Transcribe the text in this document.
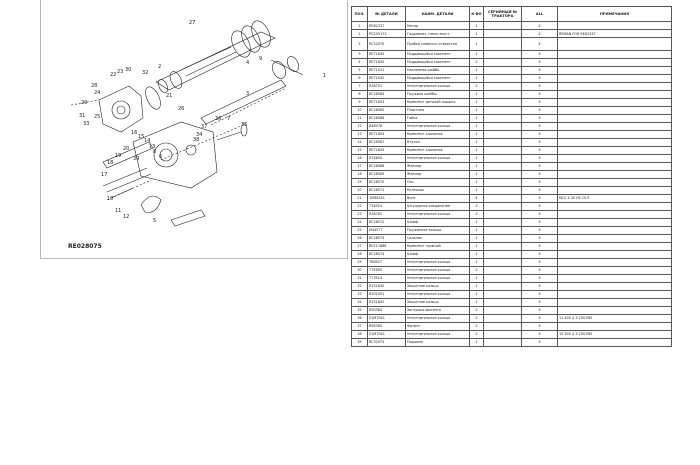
27
1
28
24
29
31
33
25
22 23 30 32
2
26
21
4
9
3
7
35
36
37
34
38
16
15
14
13
8
6
17
18
19
20
39
10
11
12
5
RE028075
ПОЗ.	№ ДЕТАЛИ	НАИМ. ДЕТАЛИ	К-ВО	СЕРИЙНЫЙ № ТРАКТОРА	ALL	ПРИМЕЧАНИЯ
1	RE62337	Мотор	1		X	
1	PG205172	Гидравлич. насос восст.	1		X	REMAN FOR RE62337
2	RC32570	Пробка сливного отверстия	1		X	
3	RE71645	Поддающийся комплект	1		X	
4	RE71620	Поддающийся комплект	2		X	
5	RE71031	Наклонная шайба	1		X	
6	RE71032	Поддающийся комплект	1		X	
7	R38751	Уплотнительное кольцо	2		X	
8	RC26584	Пружина шайбы	1		X	
9	RE71653	Комплект деталей поршня	1		X	
10	RC26565	Пластина	1		X	
11	RC26566	Гайка	1		X	
12	R46078	Уплотнительное кольцо	1		X	
13	RE71654	Комплект клапанов	1		X	
14	RC26567	Втулка	1		X	
15	RE71655	Комплект клапанов	1		X	
16	R74600	Уплотнительное кольцо	1		X	
17	RC26568	Жиклер	1		X	
18	RC26569	Жиклер	1		X	
19	RC26570	Ось	1		X	
20	RC26571	Колпачок	1		X	
21	19M8341	Винт	4		X	M12 X 45 HS 10.9
22	T34924	Штуцерное соединение	3		X	
23	R38782	Уплотнительное кольцо	3		X	
24	RC26572	Шлиф.	1		X	
25	M44577	Пружинное кольцо	1		X	
26	RC26573	Сальник	1		X	
27	RE211888	Комплект горючей	1		X	
28	RC26574	Шлиф.	1		X	
29	T80837	Уплотнительное кольцо	1		X	
30	T79385	Уплотнительное кольцо	2		X	
31	T77814	Уплотнительное кольцо	1		X	
32	R151840	Защитное кольцо	1		X	
33	R502491	Уплотнительное кольцо	1		X	
34	R151842	Защитное кольцо	1		X	
35	R90384	Заглушка фитинга	2		X	
36	51M7041	Уплотнительное кольцо	2		X	11.300 X 3.200 MM
37	R95365	Фитинг	2		X	
38	51M7041	Уплотнительное кольцо	2		X	15.300 X 3.200 MM
39	RC32075	Поршень	1		X	
